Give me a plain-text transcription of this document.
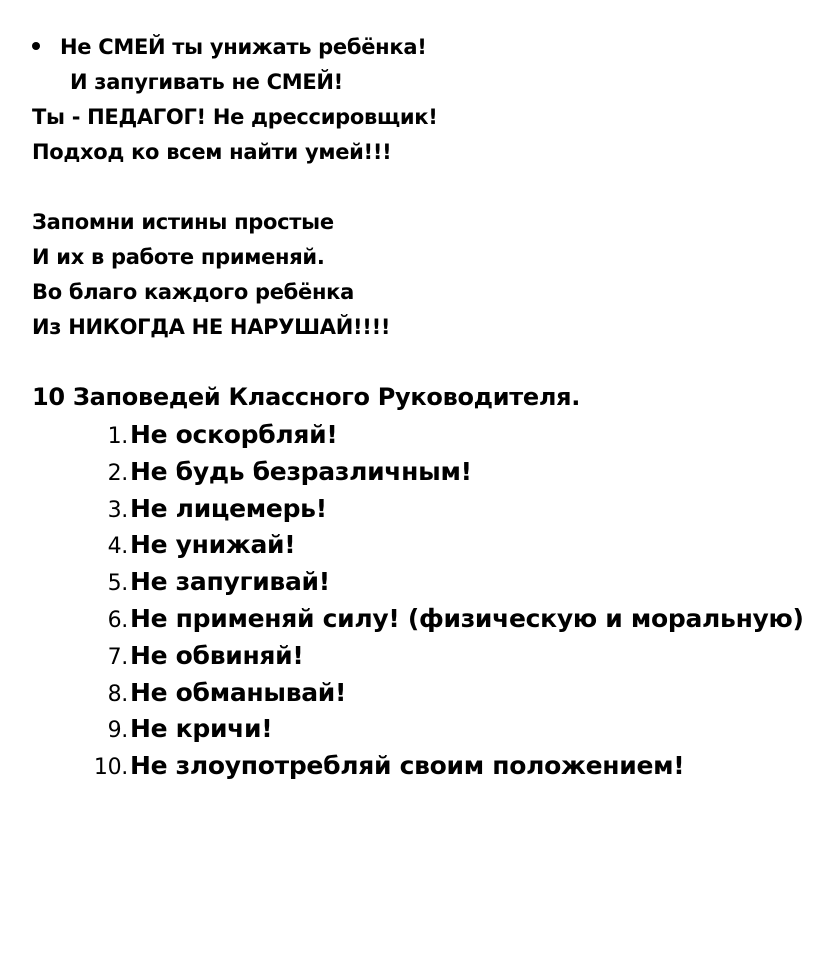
Не СМЕЙ ты унижать ребёнка!
И запугивать не СМЕЙ!
Ты - ПЕДАГОГ! Не дрессировщик!
Подход ко всем найти умей!!!
Запомни истины простые
И их в работе применяй.
Во благо каждого ребёнка
Из НИКОГДА НЕ НАРУШАЙ!!!!
10 Заповедей Классного Руководителя.
1. Не оскорбляй!
2. Не будь безразличным!
3. Не лицемерь!
4. Не унижай!
5. Не запугивай!
6. Не применяй силу! (физическую и моральную)
7. Не обвиняй!
8. Не обманывай!
9. Не кричи!
10. Не злоупотребляй своим положением!
